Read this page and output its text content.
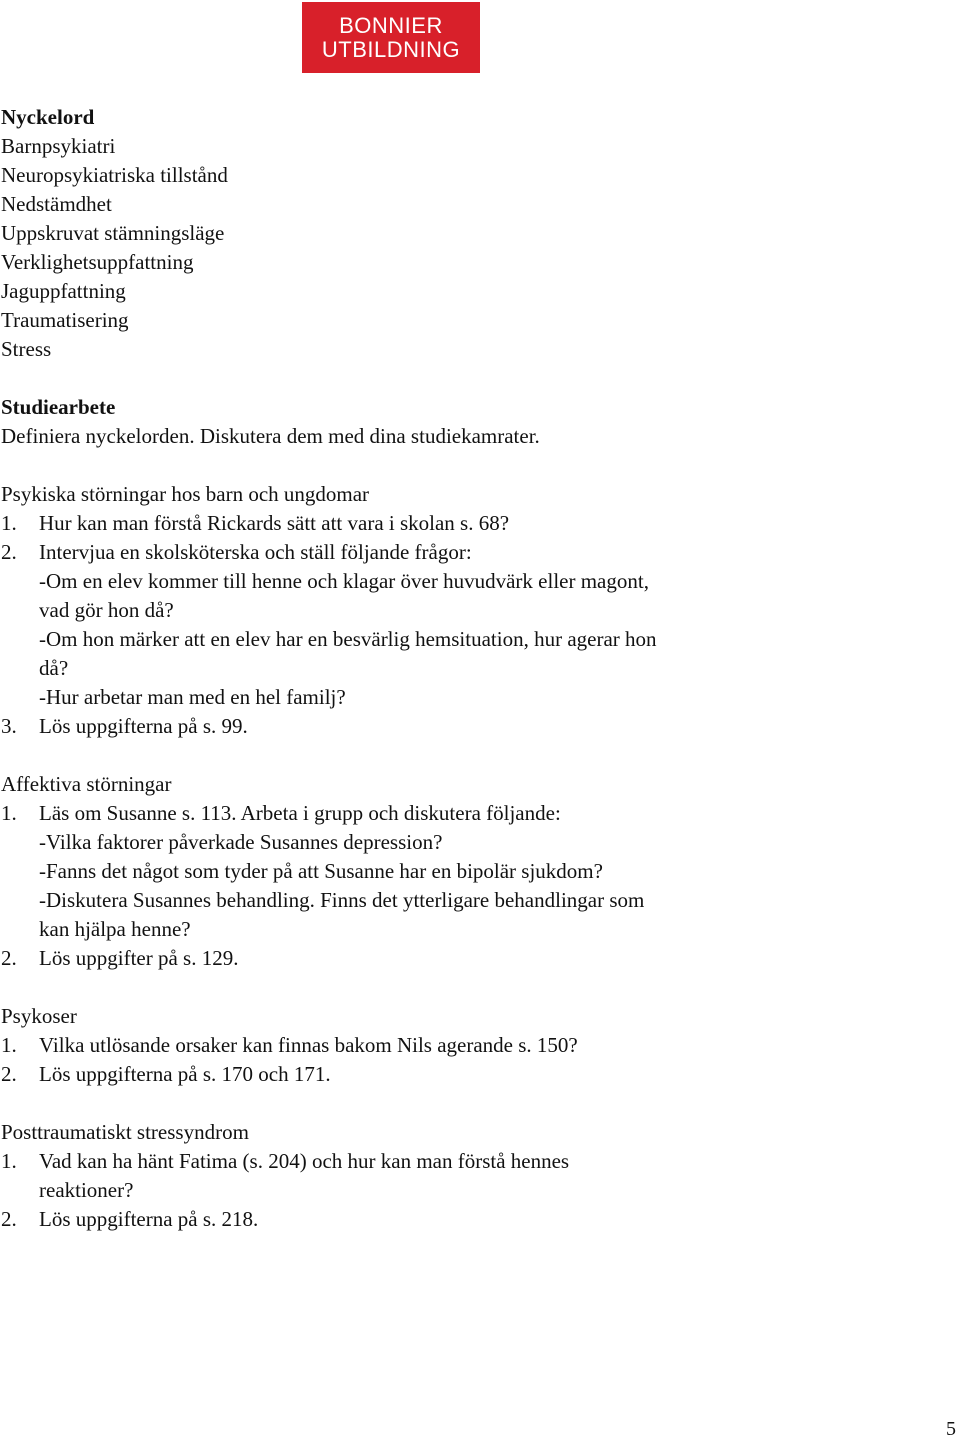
BONNIER
UTBILDNING
Nyckelord
Barnpsykiatri
Neuropsykiatriska tillstånd
Nedstämdhet
Uppskruvat stämningsläge
Verklighetsuppfattning
Jaguppfattning
Traumatisering
Stress
Studiearbete
Definiera nyckelorden. Diskutera dem med dina studiekamrater.
Psykiska störningar hos barn och ungdomar
1.	Hur kan man förstå Rickards sätt att vara i skolan s. 68?
2.	Intervjua en skolsköterska och ställ följande frågor:
-Om en elev kommer till henne och klagar över huvudvärk eller magont,
vad gör hon då?
-Om hon märker att en elev har en besvärlig hemsituation, hur agerar hon
då?
-Hur arbetar man med en hel familj?
3.	Lös uppgifterna på s. 99.
Affektiva störningar
1.	Läs om Susanne s. 113. Arbeta i grupp och diskutera följande:
-Vilka faktorer påverkade Susannes depression?
-Fanns det något som tyder på att Susanne har en bipolär sjukdom?
-Diskutera Susannes behandling. Finns det ytterligare behandlingar som
kan hjälpa henne?
2.	Lös uppgifter på s. 129.
Psykoser
1.	Vilka utlösande orsaker kan finnas bakom Nils agerande s. 150?
2.	Lös uppgifterna på s. 170 och 171.
Posttraumatiskt stressyndrom
1.	Vad kan ha hänt Fatima (s. 204) och hur kan man förstå hennes
reaktioner?
2.	Lös uppgifterna på s. 218.
5
